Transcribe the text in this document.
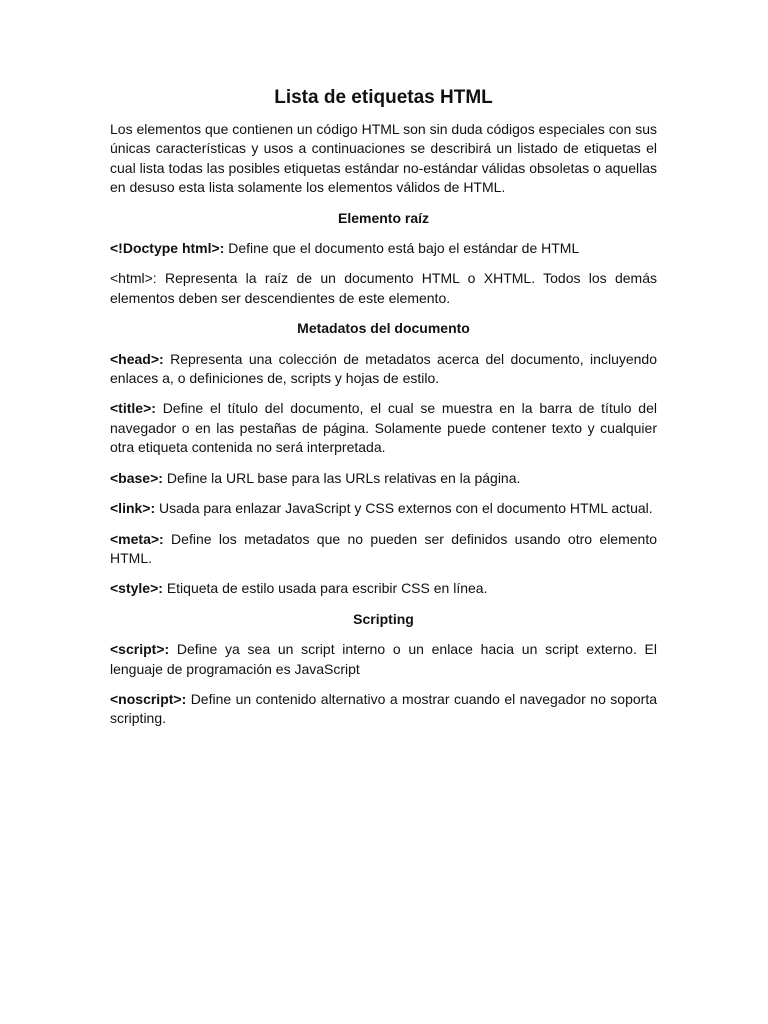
Lista de etiquetas HTML

Los elementos que contienen un código HTML son sin duda códigos especiales con sus únicas características y usos a continuaciones se describirá un listado de etiquetas el cual lista todas las posibles etiquetas estándar no-estándar válidas obsoletas o aquellas en desuso esta lista solamente los elementos válidos de HTML.

Elemento raíz

<!Doctype html>: Define que el documento está bajo el estándar de HTML

<html>: Representa la raíz de un documento HTML o XHTML. Todos los demás elementos deben ser descendientes de este elemento.

Metadatos del documento

<head>: Representa una colección de metadatos acerca del documento, incluyendo enlaces a, o definiciones de, scripts y hojas de estilo.

<title>: Define el título del documento, el cual se muestra en la barra de título del navegador o en las pestañas de página. Solamente puede contener texto y cualquier otra etiqueta contenida no será interpretada.

<base>: Define la URL base para las URLs relativas en la página.

<link>: Usada para enlazar JavaScript y CSS externos con el documento HTML actual.

<meta>: Define los metadatos que no pueden ser definidos usando otro elemento HTML.

<style>: Etiqueta de estilo usada para escribir CSS en línea.

Scripting

<script>: Define ya sea un script interno o un enlace hacia un script externo. El lenguaje de programación es JavaScript

<noscript>: Define un contenido alternativo a mostrar cuando el navegador no soporta scripting.
